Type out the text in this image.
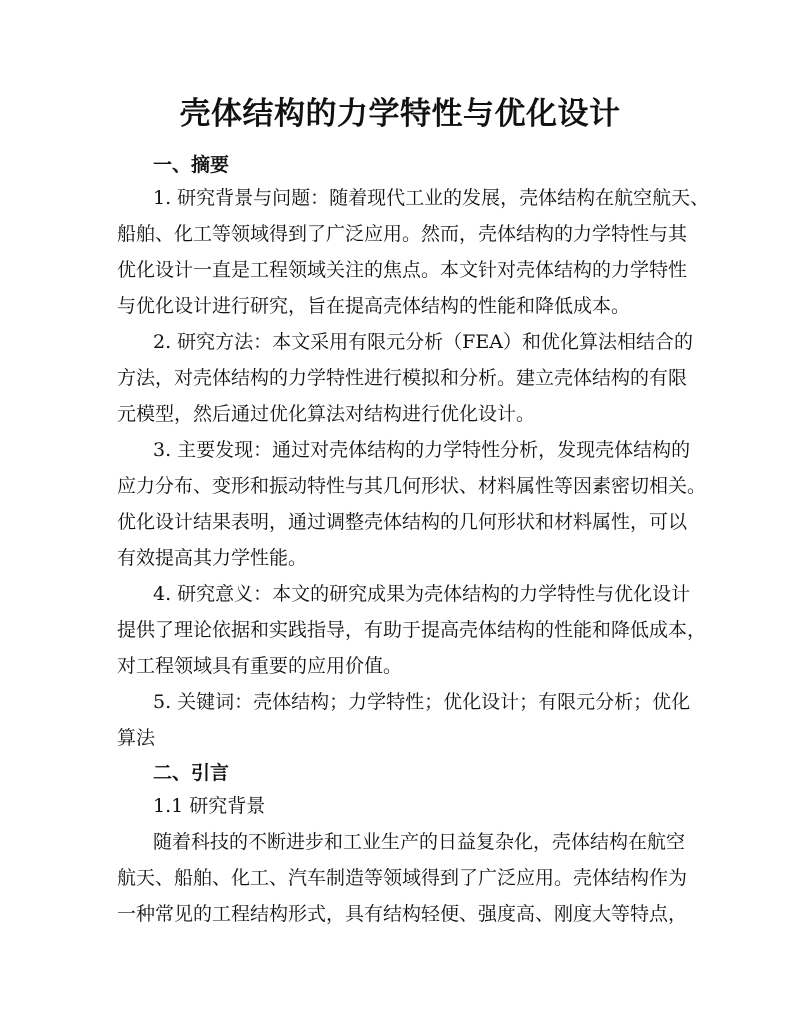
壳体结构的力学特性与优化设计
一、摘要

1. 研究背景与问题：随着现代工业的发展，壳体结构在航空航天、

船舶、化工等领域得到了广泛应用。然而，壳体结构的力学特性与其

优化设计一直是工程领域关注的焦点。本文针对壳体结构的力学特性

与优化设计进行研究，旨在提高壳体结构的性能和降低成本。

2. 研究方法：本文采用有限元分析（FEA）和优化算法相结合的

方法，对壳体结构的力学特性进行模拟和分析。建立壳体结构的有限

元模型，然后通过优化算法对结构进行优化设计。

3. 主要发现：通过对壳体结构的力学特性分析，发现壳体结构的

应力分布、变形和振动特性与其几何形状、材料属性等因素密切相关。

优化设计结果表明，通过调整壳体结构的几何形状和材料属性，可以

有效提高其力学性能。

4. 研究意义：本文的研究成果为壳体结构的力学特性与优化设计

提供了理论依据和实践指导，有助于提高壳体结构的性能和降低成本，

对工程领域具有重要的应用价值。

5. 关键词：壳体结构；力学特性；优化设计；有限元分析；优化

算法

二、引言

1.1 研究背景

随着科技的不断进步和工业生产的日益复杂化，壳体结构在航空

航天、船舶、化工、汽车制造等领域得到了广泛应用。壳体结构作为

一种常见的工程结构形式，具有结构轻便、强度高、刚度大等特点，
